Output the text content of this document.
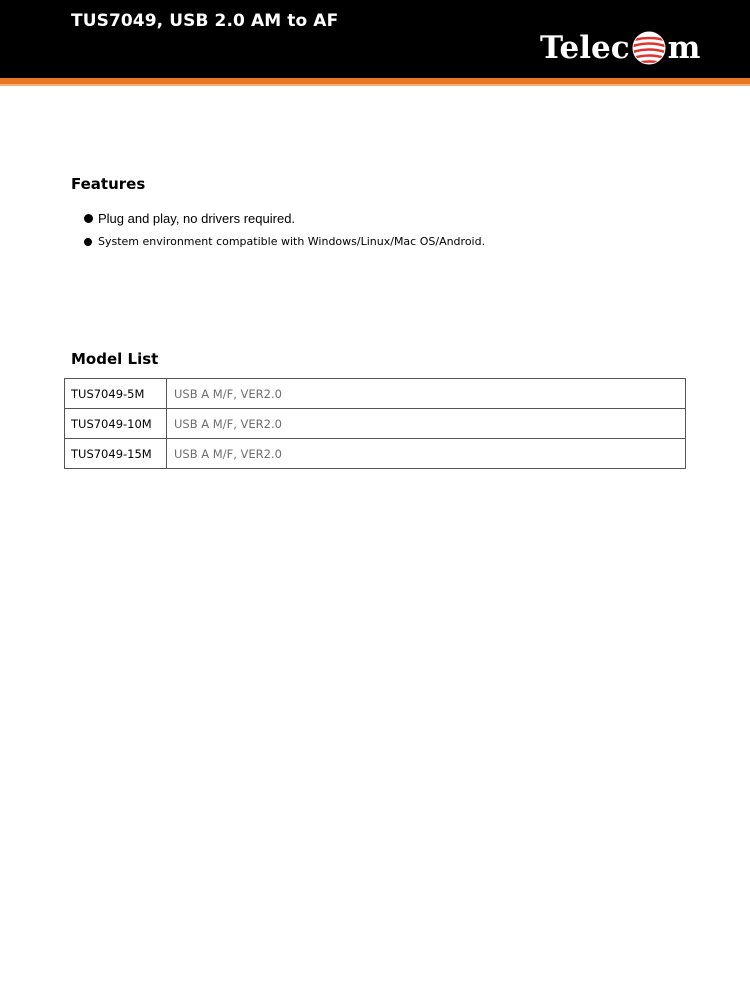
TUS7049, USB 2.0 AM to AF
Telec m
Features
Plug and play, no drivers required.
System environment compatible with Windows/Linux/Mac OS/Android.
Model List
TUS7049-5M	USB A M/F, VER2.0
TUS7049-10M	USB A M/F, VER2.0
TUS7049-15M	USB A M/F, VER2.0
